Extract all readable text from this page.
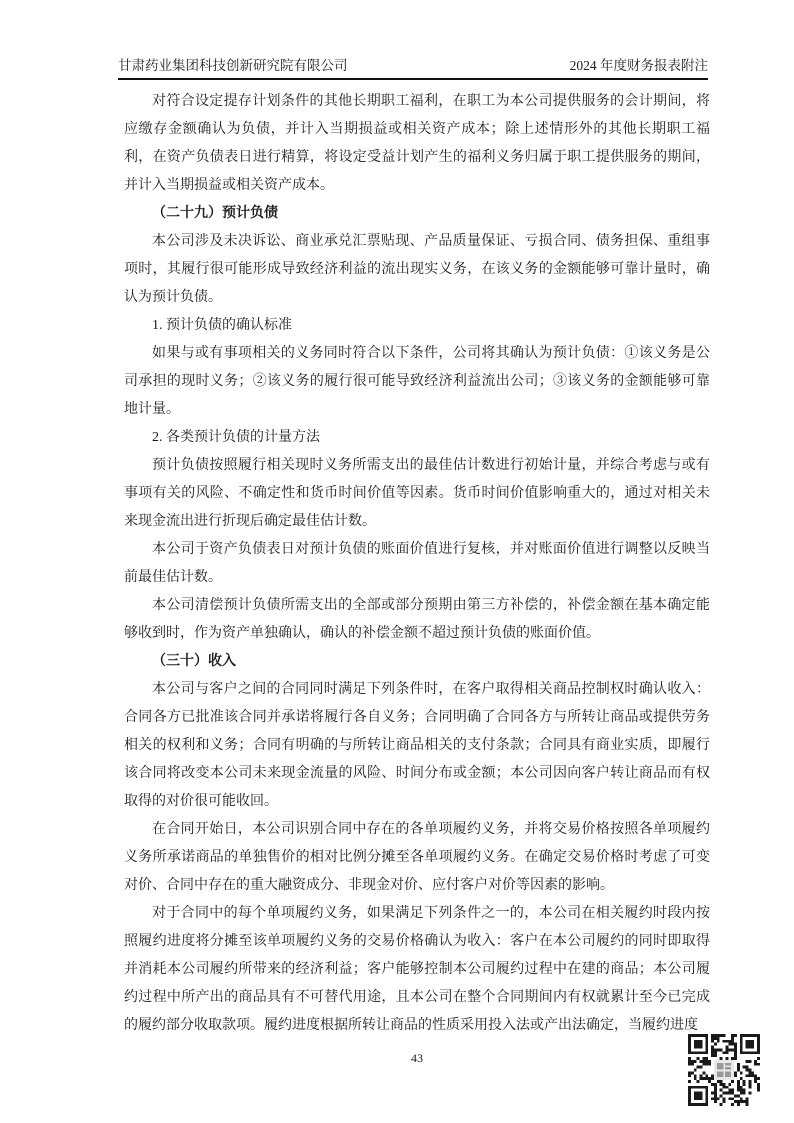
甘肃药业集团科技创新研究院有限公司	2024 年度财务报表附注

对符合设定提存计划条件的其他长期职工福利，在职工为本公司提供服务的会计期间，将应缴存金额确认为负债，并计入当期损益或相关资产成本；除上述情形外的其他长期职工福利，在资产负债表日进行精算，将设定受益计划产生的福利义务归属于职工提供服务的期间，并计入当期损益或相关资产成本。

（二十九）预计负债

本公司涉及未决诉讼、商业承兑汇票贴现、产品质量保证、亏损合同、债务担保、重组事项时，其履行很可能形成导致经济利益的流出现实义务，在该义务的金额能够可靠计量时，确认为预计负债。

1. 预计负债的确认标准

如果与或有事项相关的义务同时符合以下条件，公司将其确认为预计负债：①该义务是公司承担的现时义务；②该义务的履行很可能导致经济利益流出公司；③该义务的金额能够可靠地计量。

2. 各类预计负债的计量方法

预计负债按照履行相关现时义务所需支出的最佳估计数进行初始计量，并综合考虑与或有事项有关的风险、不确定性和货币时间价值等因素。货币时间价值影响重大的，通过对相关未来现金流出进行折现后确定最佳估计数。

本公司于资产负债表日对预计负债的账面价值进行复核，并对账面价值进行调整以反映当前最佳估计数。

本公司清偿预计负债所需支出的全部或部分预期由第三方补偿的，补偿金额在基本确定能够收到时，作为资产单独确认，确认的补偿金额不超过预计负债的账面价值。

（三十）收入

本公司与客户之间的合同同时满足下列条件时，在客户取得相关商品控制权时确认收入：合同各方已批准该合同并承诺将履行各自义务；合同明确了合同各方与所转让商品或提供劳务相关的权利和义务；合同有明确的与所转让商品相关的支付条款；合同具有商业实质，即履行该合同将改变本公司未来现金流量的风险、时间分布或金额；本公司因向客户转让商品而有权取得的对价很可能收回。

在合同开始日，本公司识别合同中存在的各单项履约义务，并将交易价格按照各单项履约义务所承诺商品的单独售价的相对比例分摊至各单项履约义务。在确定交易价格时考虑了可变对价、合同中存在的重大融资成分、非现金对价、应付客户对价等因素的影响。

对于合同中的每个单项履约义务，如果满足下列条件之一的，本公司在相关履约时段内按照履约进度将分摊至该单项履约义务的交易价格确认为收入：客户在本公司履约的同时即取得并消耗本公司履约所带来的经济利益；客户能够控制本公司履约过程中在建的商品；本公司履约过程中所产出的商品具有不可替代用途，且本公司在整个合同期间内有权就累计至今已完成的履约部分收取款项。履约进度根据所转让商品的性质采用投入法或产出法确定，当履约进度

43
